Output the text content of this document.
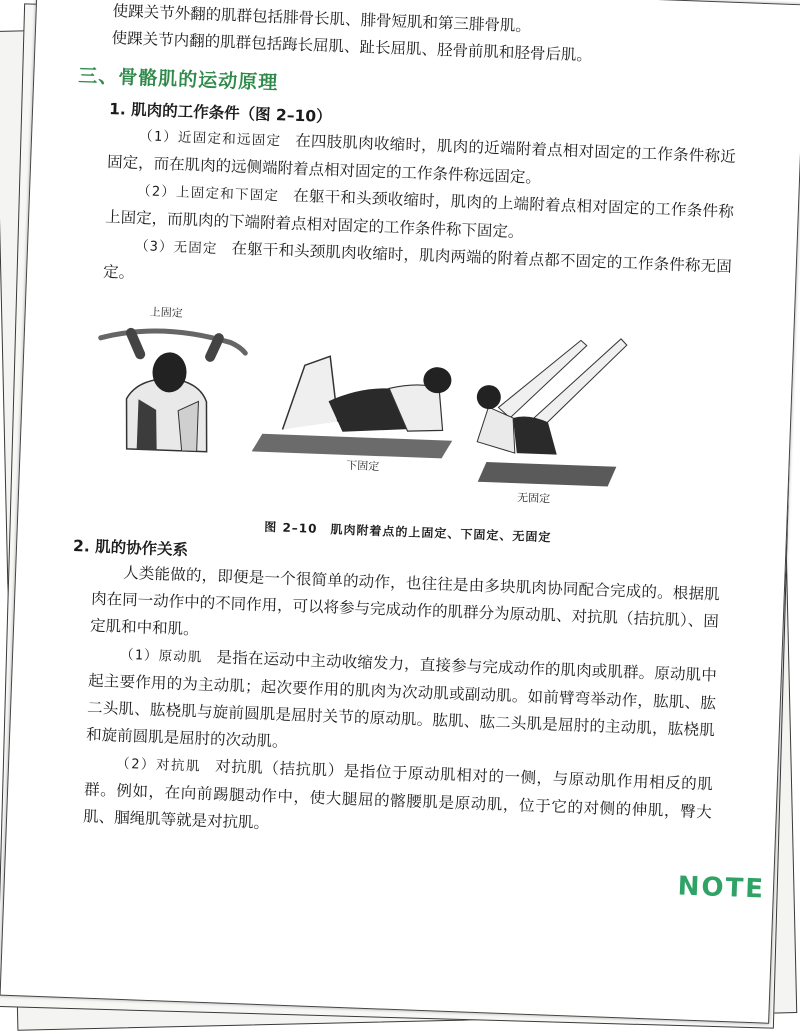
使踝关节外翻的肌群包括腓骨长肌、腓骨短肌和第三腓骨肌。

使踝关节内翻的肌群包括踇长屈肌、趾长屈肌、胫骨前肌和胫骨后肌。

三、骨骼肌的运动原理
1. 肌肉的工作条件（图 2–10）

（1）近固定和远固定 在四肢肌肉收缩时，肌肉的近端附着点相对固定的工作条件称近固定，而在肌肉的远侧端附着点相对固定的工作条件称远固定。

（2）上固定和下固定 在躯干和头颈收缩时，肌肉的上端附着点相对固定的工作条件称上固定，而肌肉的下端附着点相对固定的工作条件称下固定。

（3）无固定 在躯干和头颈肌肉收缩时，肌肉两端的附着点都不固定的工作条件称无固定。

上固定
下固定
无固定

图 2–10　肌肉附着点的上固定、下固定、无固定

2. 肌的协作关系

人类能做的，即便是一个很简单的动作，也往往是由多块肌肉协同配合完成的。根据肌肉在同一动作中的不同作用，可以将参与完成动作的肌群分为原动肌、对抗肌（拮抗肌）、固定肌和中和肌。

（1）原动肌 是指在运动中主动收缩发力，直接参与完成动作的肌肉或肌群。原动肌中起主要作用的为主动肌；起次要作用的肌肉为次动肌或副动肌。如前臂弯举动作，肱肌、肱二头肌、肱桡肌与旋前圆肌是屈肘关节的原动肌。肱肌、肱二头肌是屈肘的主动肌，肱桡肌和旋前圆肌是屈肘的次动肌。

（2）对抗肌 对抗肌（拮抗肌）是指位于原动肌相对的一侧，与原动肌作用相反的肌群。例如，在向前踢腿动作中，使大腿屈的髂腰肌是原动肌，位于它的对侧的伸肌，臀大肌、腘绳肌等就是对抗肌。

NOTE
